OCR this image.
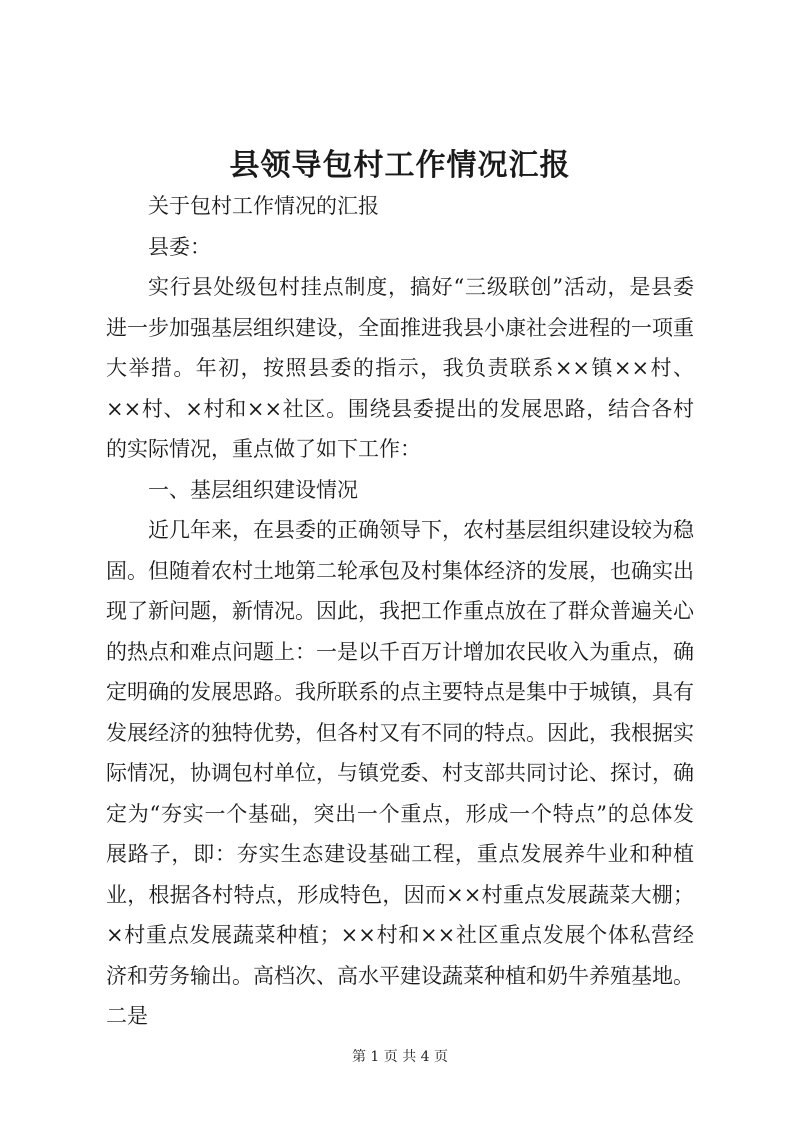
县领导包村工作情况汇报

关于包村工作情况的汇报

县委：

实行县处级包村挂点制度，搞好“三级联创”活动，是县委进一步加强基层组织建设，全面推进我县小康社会进程的一项重大举措。年初，按照县委的指示，我负责联系××镇××村、××村、×村和××社区。围绕县委提出的发展思路，结合各村的实际情况，重点做了如下工作：

一、基层组织建设情况

近几年来，在县委的正确领导下，农村基层组织建设较为稳固。但随着农村土地第二轮承包及村集体经济的发展，也确实出现了新问题，新情况。因此，我把工作重点放在了群众普遍关心的热点和难点问题上：一是以千百万计增加农民收入为重点，确定明确的发展思路。我所联系的点主要特点是集中于城镇，具有发展经济的独特优势，但各村又有不同的特点。因此，我根据实际情况，协调包村单位，与镇党委、村支部共同讨论、探讨，确定为“夯实一个基础，突出一个重点，形成一个特点”的总体发展路子，即：夯实生态建设基础工程，重点发展养牛业和种植业，根据各村特点，形成特色，因而××村重点发展蔬菜大棚；×村重点发展蔬菜种植；××村和××社区重点发展个体私营经济和劳务输出。高档次、高水平建设蔬菜种植和奶牛养殖基地。二是

第 1 页 共 4 页
